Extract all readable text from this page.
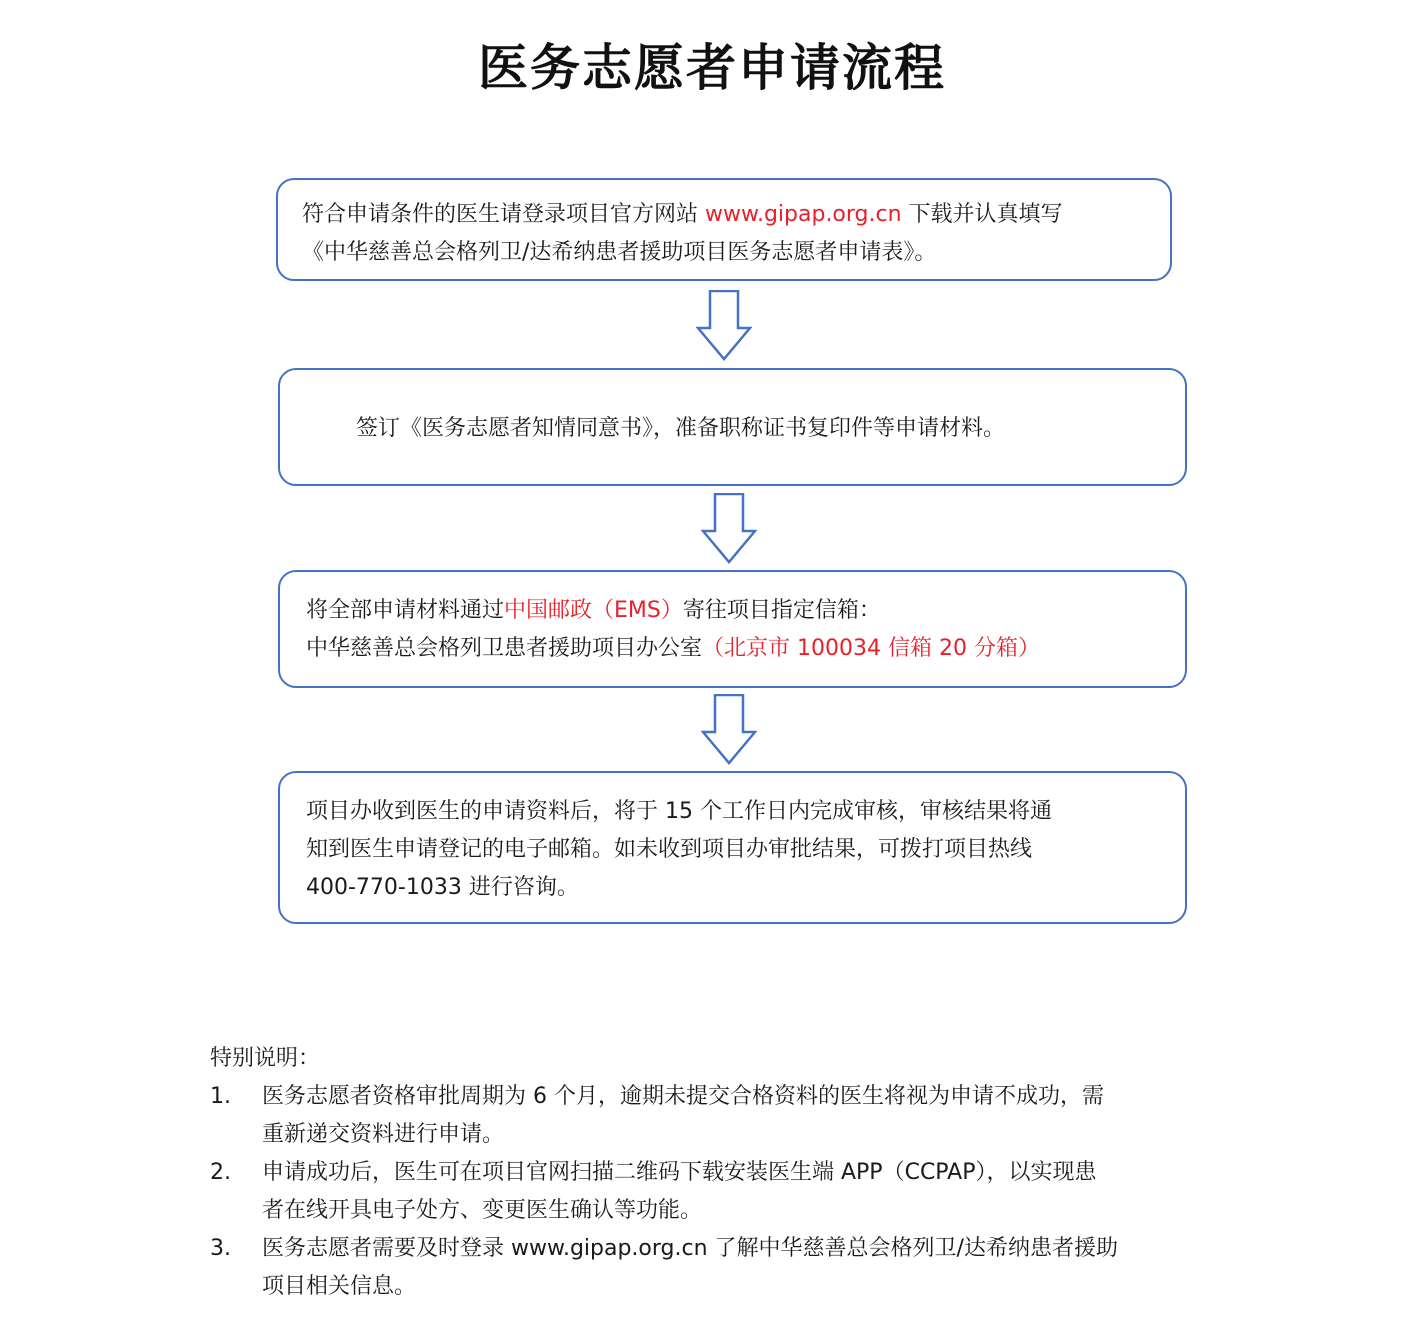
医务志愿者申请流程

符合申请条件的医生请登录项目官方网站 www.gipap.org.cn 下载并认真填写

《中华慈善总会格列卫/达希纳患者援助项目医务志愿者申请表》。

签订《医务志愿者知情同意书》，准备职称证书复印件等申请材料。

将全部申请材料通过中国邮政（EMS）寄往项目指定信箱：

中华慈善总会格列卫患者援助项目办公室（北京市 100034 信箱 20 分箱）

项目办收到医生的申请资料后，将于 15 个工作日内完成审核，审核结果将通

知到医生申请登记的电子邮箱。如未收到项目办审批结果，可拨打项目热线

400-770-1033 进行咨询。

特别说明：

1.	医务志愿者资格审批周期为 6 个月，逾期未提交合格资料的医生将视为申请不成功，需
重新递交资料进行申请。
2.	申请成功后，医生可在项目官网扫描二维码下载安装医生端 APP（CCPAP），以实现患
者在线开具电子处方、变更医生确认等功能。
3.	医务志愿者需要及时登录 www.gipap.org.cn 了解中华慈善总会格列卫/达希纳患者援助
项目相关信息。
